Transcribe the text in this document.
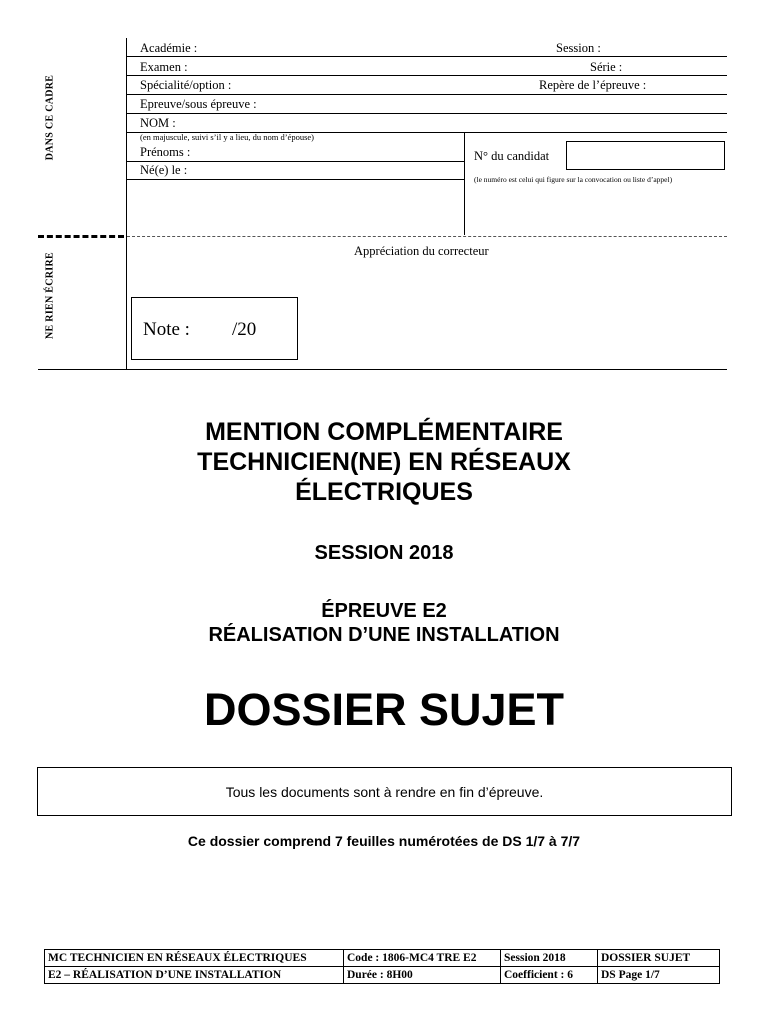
DANS CE CADRE
NE RIEN ÉCRIRE
Académie :	Session :
Examen :	Série :
Spécialité/option :	Repère de l’épreuve :
Epreuve/sous épreuve :
NOM :
(en majuscule, suivi s’il y a lieu, du nom d’épouse)
Prénoms :	N° du candidat
Né(e) le :
(le numéro est celui qui figure sur la convocation ou liste d’appel)
Appréciation du correcteur
Note : /20
MENTION COMPLÉMENTAIRE
TECHNICIEN(NE) EN RÉSEAUX
ÉLECTRIQUES
SESSION 2018
ÉPREUVE E2
RÉALISATION D’UNE INSTALLATION
DOSSIER SUJET
Tous les documents sont à rendre en fin d’épreuve.
Ce dossier comprend 7 feuilles numérotées de DS 1/7 à 7/7
MC TECHNICIEN EN RÉSEAUX ÉLECTRIQUES	Code : 1806-MC4 TRE E2	Session 2018	DOSSIER SUJET
E2 – RÉALISATION D’UNE INSTALLATION	Durée : 8H00	Coefficient : 6	DS Page 1/7
